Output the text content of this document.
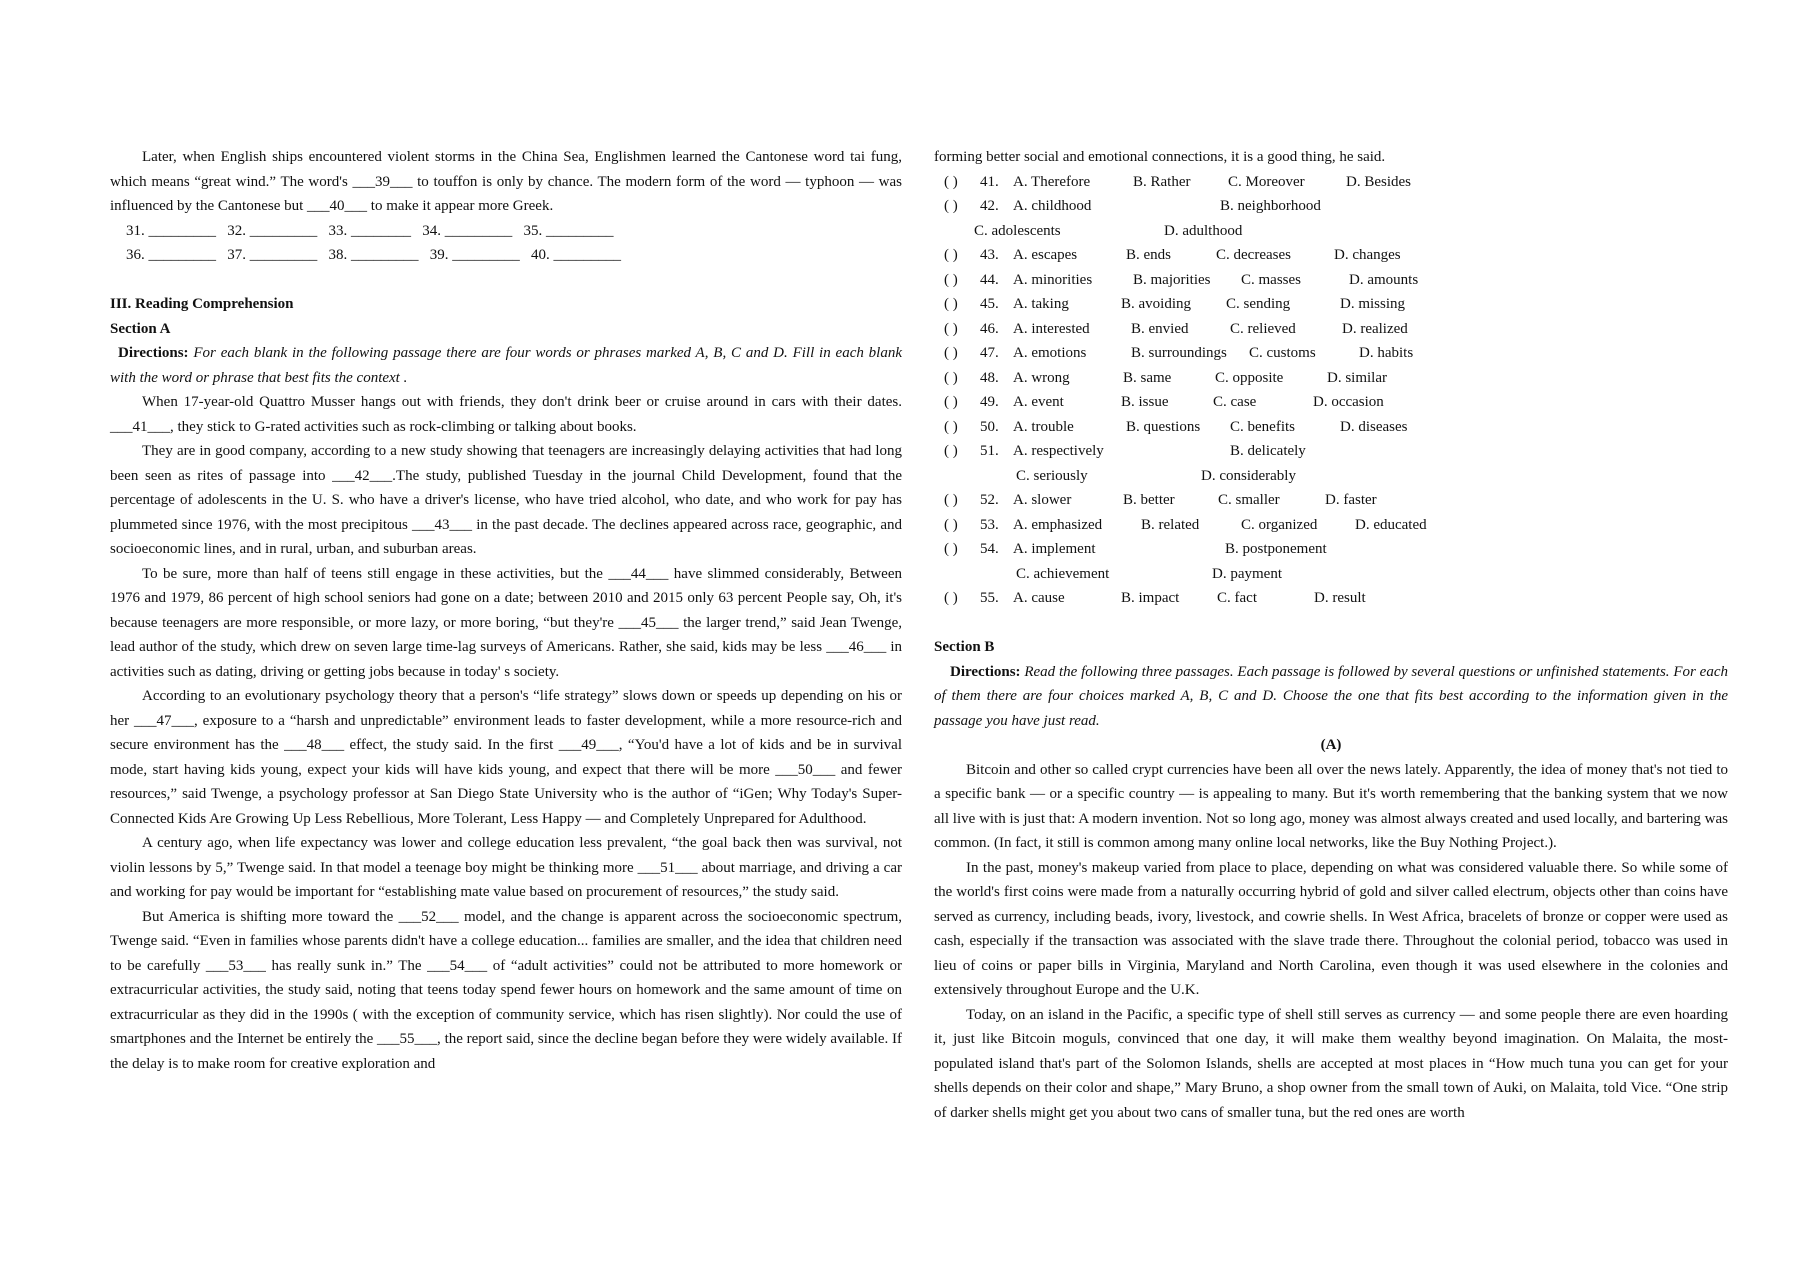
Later, when English ships encountered violent storms in the China Sea, Englishmen learned the Cantonese word tai fung, which means “great wind.” The word's ___39___ to touffon is only by chance. The modern form of the word — typhoon — was influenced by the Cantonese but ___40___ to make it appear more Greek.

31. _________   32. _________   33. ________   34. _________   35. _________

36. _________   37. _________   38. _________   39. _________   40. _________

III. Reading Comprehension

Section A

Directions: For each blank in the following passage there are four words or phrases marked A, B, C and D. Fill in each blank with the word or phrase that best fits the context .

When 17-year-old Quattro Musser hangs out with friends, they don't drink beer or cruise around in cars with their dates. ___41___, they stick to G-rated activities such as rock-climbing or talking about books.

They are in good company, according to a new study showing that teenagers are increasingly delaying activities that had long been seen as rites of passage into ___42___.The study, published Tuesday in the journal Child Development, found that the percentage of adolescents in the U. S. who have a driver's license, who have tried alcohol, who date, and who work for pay has plummeted since 1976, with the most precipitous ___43___ in the past decade. The declines appeared across race, geographic, and socioeconomic lines, and in rural, urban, and suburban areas.

To be sure, more than half of teens still engage in these activities, but the ___44___ have slimmed considerably, Between 1976 and 1979, 86 percent of high school seniors had gone on a date; between 2010 and 2015 only 63 percent People say, Oh, it's because teenagers are more responsible, or more lazy, or more boring, “but they're ___45___ the larger trend,” said Jean Twenge, lead author of the study, which drew on seven large time-lag surveys of Americans. Rather, she said, kids may be less ___46___ in activities such as dating, driving or getting jobs because in today' s society.

According to an evolutionary psychology theory that a person's “life strategy” slows down or speeds up depending on his or her ___47___, exposure to a “harsh and unpredictable” environment leads to faster development, while a more resource-rich and secure environment has the ___48___ effect, the study said. In the first ___49___, “You'd have a lot of kids and be in survival mode, start having kids young, expect your kids will have kids young, and expect that there will be more ___50___ and fewer resources,” said Twenge, a psychology professor at San Diego State University who is the author of “iGen; Why Today's Super-Connected Kids Are Growing Up Less Rebellious, More Tolerant, Less Happy — and Completely Unprepared for Adulthood.

A century ago, when life expectancy was lower and college education less prevalent, “the goal back then was survival, not violin lessons by 5,” Twenge said. In that model a teenage boy might be thinking more ___51___ about marriage, and driving a car and working for pay would be important for “establishing mate value based on procurement of resources,” the study said.

But America is shifting more toward the ___52___ model, and the change is apparent across the socioeconomic spectrum, Twenge said. “Even in families whose parents didn't have a college education... families are smaller, and the idea that children need to be carefully ___53___ has really sunk in.” The ___54___ of “adult activities” could not be attributed to more homework or extracurricular activities, the study said, noting that teens today spend fewer hours on homework and the same amount of time on extracurricular as they did in the 1990s ( with the exception of community service, which has risen slightly). Nor could the use of smartphones and the Internet be entirely the ___55___, the report said, since the decline began before they were widely available. If the delay is to make room for creative exploration and

forming better social and emotional connections, it is a good thing, he said.

( )	41. A. Therefore	B. Rather	C. Moreover	D. Besides
( )	42. A. childhood	B. neighborhood
C. adolescents	D. adulthood
( )	43. A. escapes	B. ends	C. decreases	D. changes
( )	44. A. minorities	B. majorities	C. masses	D. amounts
( )	45. A. taking	B. avoiding	C. sending	D. missing
( )	46. A. interested	B. envied	C. relieved	D. realized
( )	47. A. emotions	B. surroundings	C. customs	D. habits
( )	48. A. wrong	B. same	C. opposite	D. similar
( )	49. A. event	B. issue	C. case	D. occasion
( )	50. A. trouble	B. questions	C. benefits	D. diseases
( )	51. A. respectively	B. delicately
C. seriously	D. considerably
( )	52. A. slower	B. better	C. smaller	D. faster
( )	53. A. emphasized	B. related	C. organized	D. educated
( )	54. A. implement	B. postponement
C. achievement	D. payment
( )	55. A. cause	B. impact	C. fact	D. result

Section B

Directions: Read the following three passages. Each passage is followed by several questions or unfinished statements. For each of them there are four choices marked A, B, C and D. Choose the one that fits best according to the information given in the passage you have just read.

(A)

Bitcoin and other so called crypt currencies have been all over the news lately. Apparently, the idea of money that's not tied to a specific bank — or a specific country — is appealing to many. But it's worth remembering that the banking system that we now all live with is just that: A modern invention. Not so long ago, money was almost always created and used locally, and bartering was common. (In fact, it still is common among many online local networks, like the Buy Nothing Project.).

In the past, money's makeup varied from place to place, depending on what was considered valuable there. So while some of the world's first coins were made from a naturally occurring hybrid of gold and silver called electrum, objects other than coins have served as currency, including beads, ivory, livestock, and cowrie shells. In West Africa, bracelets of bronze or copper were used as cash, especially if the transaction was associated with the slave trade there. Throughout the colonial period, tobacco was used in lieu of coins or paper bills in Virginia, Maryland and North Carolina, even though it was used elsewhere in the colonies and extensively throughout Europe and the U.K.

Today, on an island in the Pacific, a specific type of shell still serves as currency — and some people there are even hoarding it, just like Bitcoin moguls, convinced that one day, it will make them wealthy beyond imagination. On Malaita, the most- populated island that's part of the Solomon Islands, shells are accepted at most places in “How much tuna you can get for your shells depends on their color and shape,” Mary Bruno, a shop owner from the small town of Auki, on Malaita, told Vice. “One strip of darker shells might get you about two cans of smaller tuna, but the red ones are worth
